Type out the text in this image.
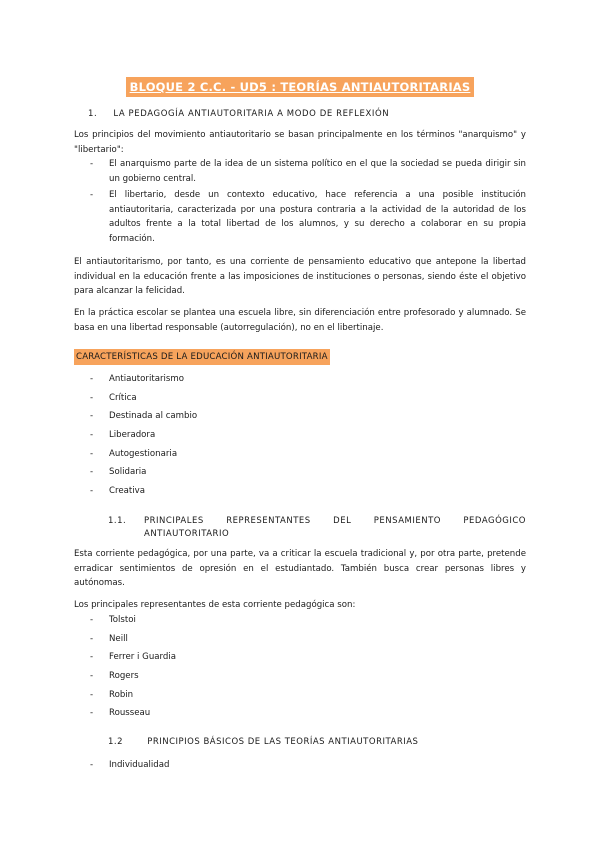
BLOQUE 2 C.C. - UD5 : TEORÍAS ANTIAUTORITARIAS
1. LA PEDAGOGÍA ANTIAUTORITARIA A MODO DE REFLEXIÓN

Los principios del movimiento antiautoritario se basan principalmente en los términos "anarquismo" y "libertario":

- El anarquismo parte de la idea de un sistema político en el que la sociedad se pueda dirigir sin un gobierno central.
- El libertario, desde un contexto educativo, hace referencia a una posible institución antiautoritaria, caracterizada por una postura contraria a la actividad de la autoridad de los adultos frente a la total libertad de los alumnos, y su derecho a colaborar en su propia formación.

El antiautoritarismo, por tanto, es una corriente de pensamiento educativo que antepone la libertad individual en la educación frente a las imposiciones de instituciones o personas, siendo éste el objetivo para alcanzar la felicidad.

En la práctica escolar se plantea una escuela libre, sin diferenciación entre profesorado y alumnado. Se basa en una libertad responsable (autorregulación), no en el libertinaje.

CARACTERÍSTICAS DE LA EDUCACIÓN ANTIAUTORITARIA
- Antiautoritarismo
- Crítica
- Destinada al cambio
- Liberadora
- Autogestionaria
- Solidaria
- Creativa
1.1.	PRINCIPALES REPRESENTANTES DEL PENSAMIENTO PEDAGÓGICO
ANTIAUTORITARIO

Esta corriente pedagógica, por una parte, va a criticar la escuela tradicional y, por otra parte, pretende erradicar sentimientos de opresión en el estudiantado. También busca crear personas libres y autónomas.

Los principales representantes de esta corriente pedagógica son:

- Tolstoi
- Neill
- Ferrer i Guardia
- Rogers
- Robin
- Rousseau
1.2	PRINCIPIOS BÁSICOS DE LAS TEORÍAS ANTIAUTORITARIAS
- Individualidad
